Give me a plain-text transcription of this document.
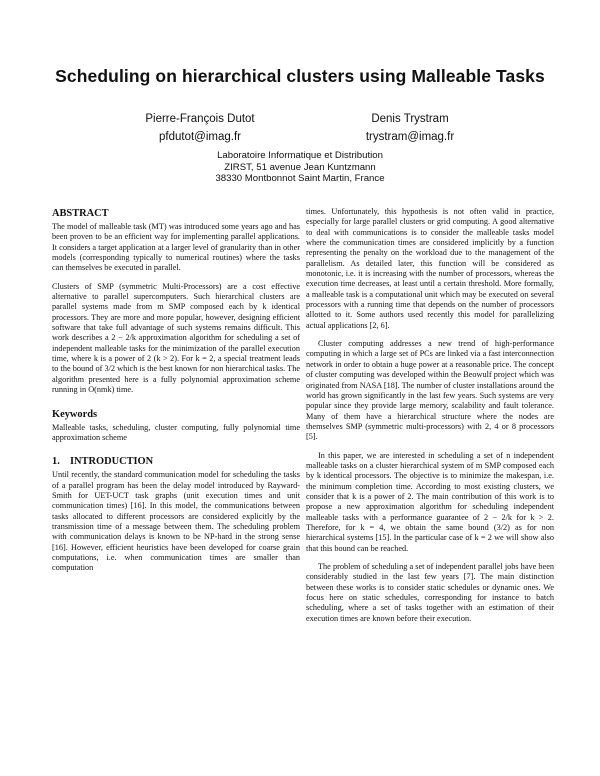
Scheduling on hierarchical clusters using Malleable Tasks
Pierre-François Dutot
pfdutot@imag.fr
Denis Trystram
trystram@imag.fr
Laboratoire Informatique et Distribution
ZIRST, 51 avenue Jean Kuntzmann
38330 Montbonnot Saint Martin, France
ABSTRACT

The model of malleable task (MT) was introduced some years ago and has been proven to be an efficient way for implementing parallel applications. It considers a target application at a larger level of granularity than in other models (corresponding typically to numerical routines) where the tasks can themselves be executed in parallel.

Clusters of SMP (symmetric Multi-Processors) are a cost effective alternative to parallel supercomputers. Such hierarchical clusters are parallel systems made from m SMP composed each by k identical processors. They are more and more popular, however, designing efficient software that take full advantage of such systems remains difficult. This work describes a 2 − 2/k approximation algorithm for scheduling a set of independent malleable tasks for the minimization of the parallel execution time, where k is a power of 2 (k > 2). For k = 2, a special treatment leads to the bound of 3/2 which is the best known for non hierarchical tasks. The algorithm presented here is a fully polynomial approximation scheme running in O(nmk) time.

Keywords

Malleable tasks, scheduling, cluster computing, fully polynomial time approximation scheme

1. INTRODUCTION

Until recently, the standard communication model for scheduling the tasks of a parallel program has been the delay model introduced by Rayward-Smith for UET-UCT task graphs (unit execution times and unit communication times) [16]. In this model, the communications between tasks allocated to different processors are considered explicitly by the transmission time of a message between them. The scheduling problem with communication delays is known to be NP-hard in the strong sense [16]. However, efficient heuristics have been developed for coarse grain computations, i.e. when communication times are smaller than computation

times. Unfortunately, this hypothesis is not often valid in practice, especially for large parallel clusters or grid computing. A good alternative to deal with communications is to consider the malleable tasks model where the communication times are considered implicitly by a function representing the penalty on the workload due to the management of the parallelism. As detailed later, this function will be considered as monotonic, i.e. it is increasing with the number of processors, whereas the execution time decreases, at least until a certain threshold. More formally, a malleable task is a computational unit which may be executed on several processors with a running time that depends on the number of processors allotted to it. Some authors used recently this model for parallelizing actual applications [2, 6].

Cluster computing addresses a new trend of high-performance computing in which a large set of PCs are linked via a fast interconnection network in order to obtain a huge power at a reasonable price. The concept of cluster computing was developed within the Beowulf project which was originated from NASA [18]. The number of cluster installations around the world has grown significantly in the last few years. Such systems are very popular since they provide large memory, scalability and fault tolerance. Many of them have a hierarchical structure where the nodes are themselves SMP (symmetric multi-processors) with 2, 4 or 8 processors [5].

In this paper, we are interested in scheduling a set of n independent malleable tasks on a cluster hierarchical system of m SMP composed each by k identical processors. The objective is to minimize the makespan, i.e. the minimum completion time. According to most existing clusters, we consider that k is a power of 2. The main contribution of this work is to propose a new approximation algorithm for scheduling independent malleable tasks with a performance guarantee of 2 − 2/k for k > 2. Therefore, for k = 4, we obtain the same bound (3/2) as for non hierarchical systems [15]. In the particular case of k = 2 we will show also that this bound can be reached.

The problem of scheduling a set of independent parallel jobs have been considerably studied in the last few years [7]. The main distinction between these works is to consider static schedules or dynamic ones. We focus here on static schedules, corresponding for instance to batch scheduling, where a set of tasks together with an estimation of their execution times are known before their execution.
